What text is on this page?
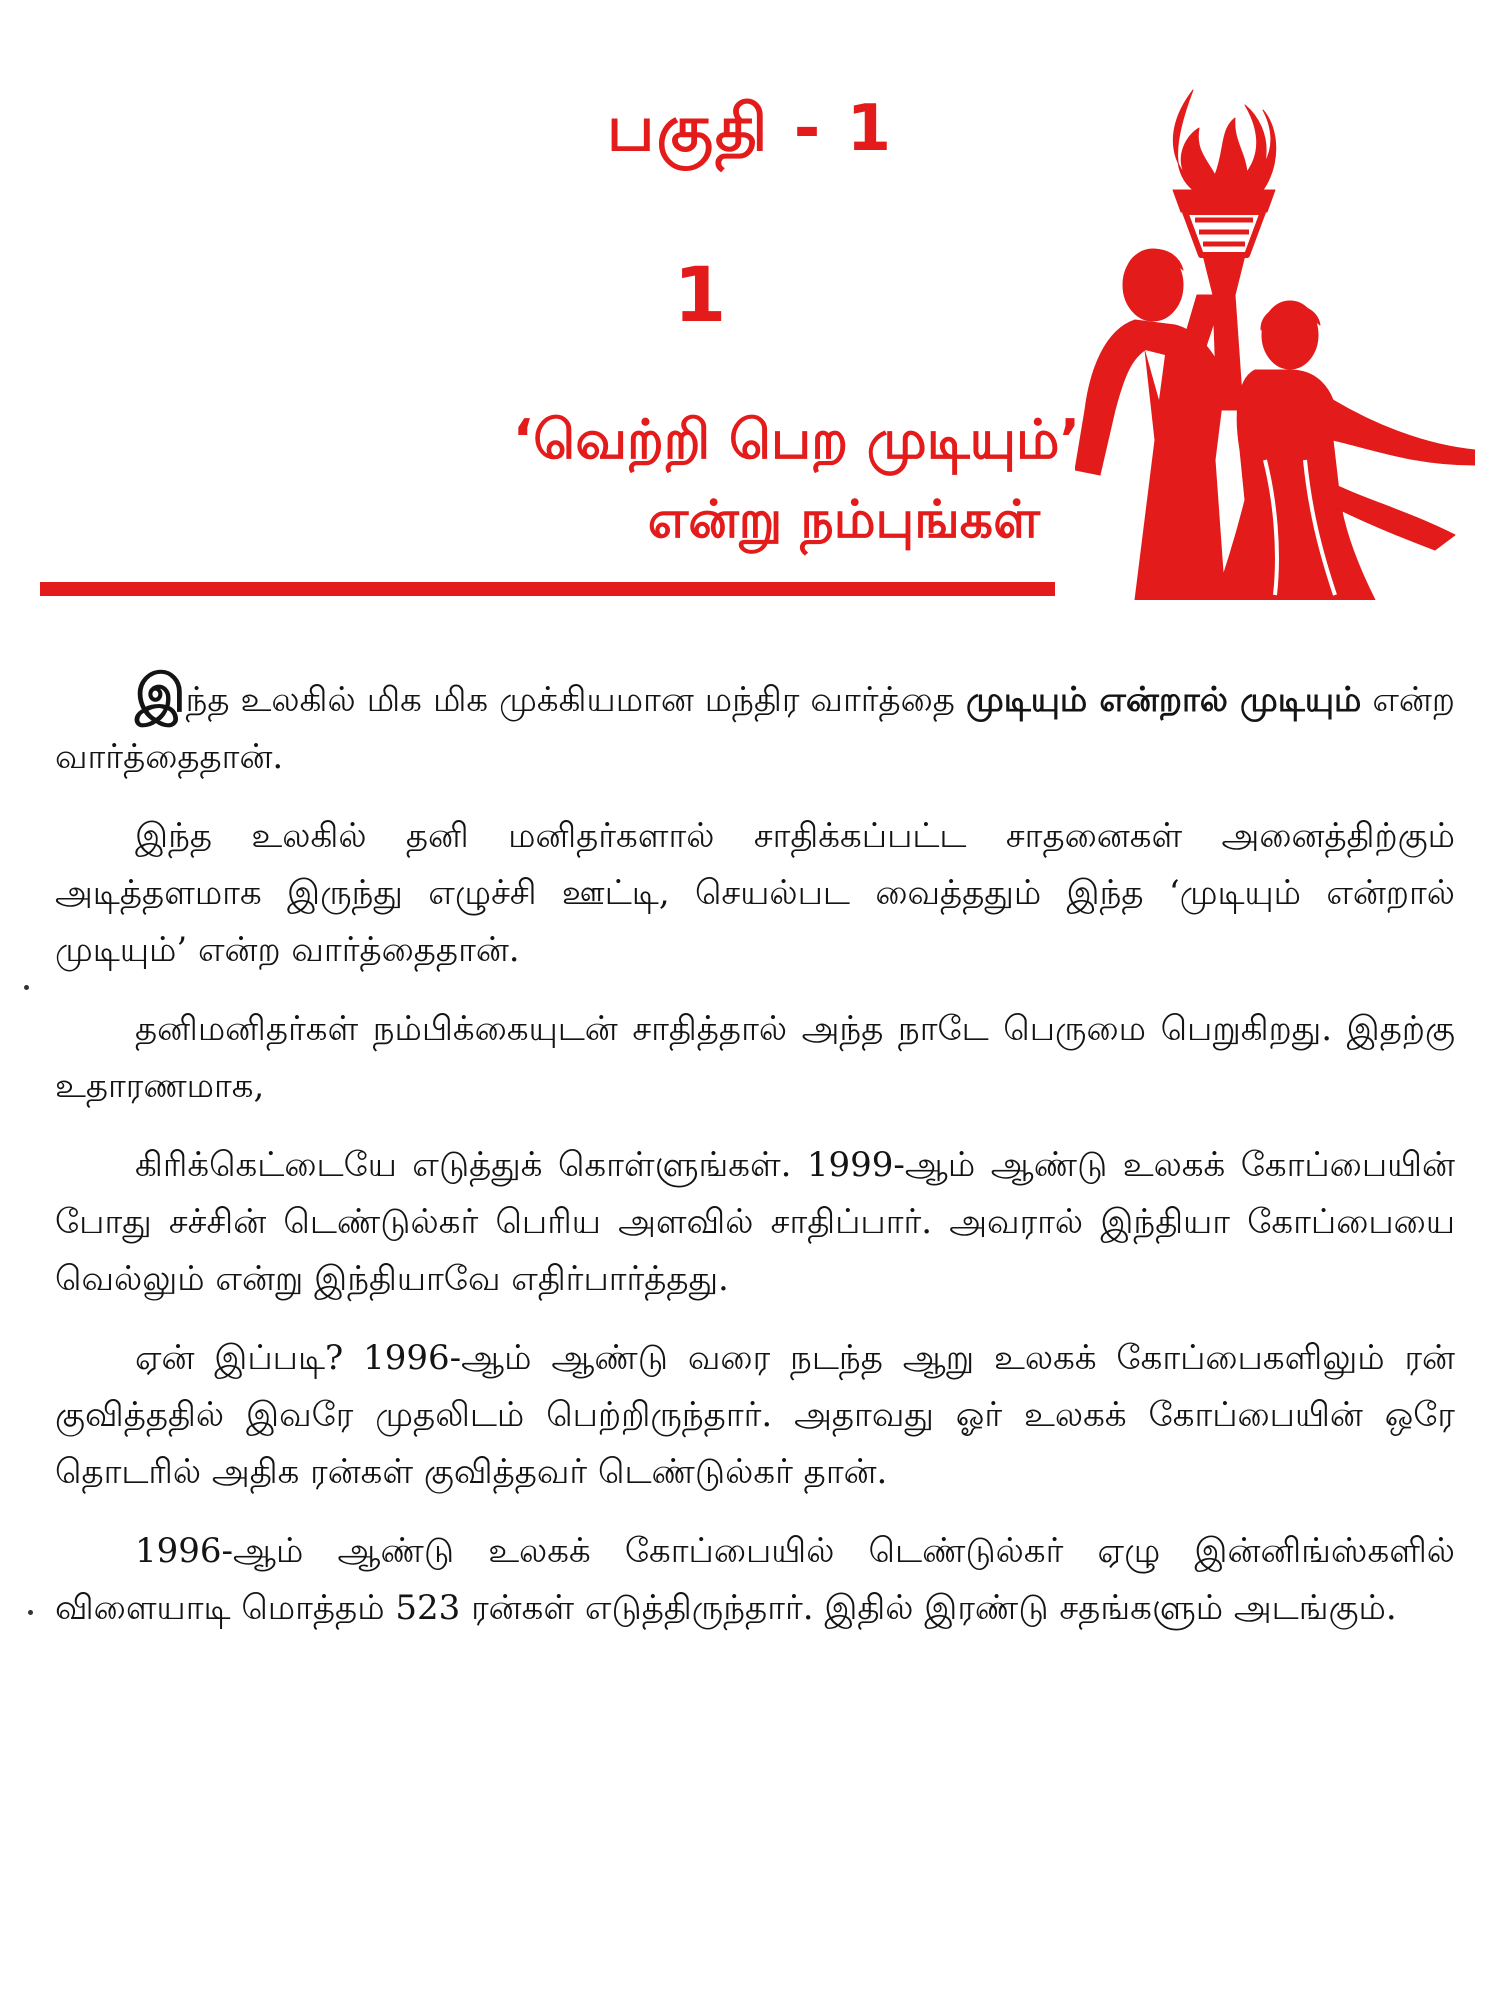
பகுதி - 1
1
‘வெற்றி பெற முடியும்’
என்று நம்புங்கள்

இந்த உலகில் மிக மிக முக்கியமான மந்திர வார்த்தை முடியும் என்றால் முடியும் என்ற வார்த்தைதான்.

இந்த உலகில் தனி மனிதர்களால் சாதிக்கப்பட்ட சாதனைகள் அனைத்திற்கும் அடித்தளமாக இருந்து எழுச்சி ஊட்டி, செயல்பட வைத்ததும் இந்த ‘முடியும் என்றால் முடியும்’ என்ற வார்த்தைதான்.

தனிமனிதர்கள் நம்பிக்கையுடன் சாதித்தால் அந்த நாடே பெருமை பெறுகிறது. இதற்கு உதாரணமாக,

கிரிக்கெட்டையே எடுத்துக் கொள்ளுங்கள். 1999-ஆம் ஆண்டு உலகக் கோப்பையின் போது சச்சின் டெண்டுல்கர் பெரிய அளவில் சாதிப்பார். அவரால் இந்தியா கோப்பையை வெல்லும் என்று இந்தியாவே எதிர்பார்த்தது.

ஏன் இப்படி? 1996-ஆம் ஆண்டு வரை நடந்த ஆறு உலகக் கோப்பைகளிலும் ரன் குவித்ததில் இவரே முதலிடம் பெற்றிருந்தார். அதாவது ஓர் உலகக் கோப்பையின் ஒரே தொடரில் அதிக ரன்கள் குவித்தவர் டெண்டுல்கர் தான்.

1996-ஆம் ஆண்டு உலகக் கோப்பையில் டெண்டுல்கர் ஏழு இன்னிங்ஸ்களில் விளையாடி மொத்தம் 523 ரன்கள் எடுத்திருந்தார். இதில் இரண்டு சதங்களும் அடங்கும்.
